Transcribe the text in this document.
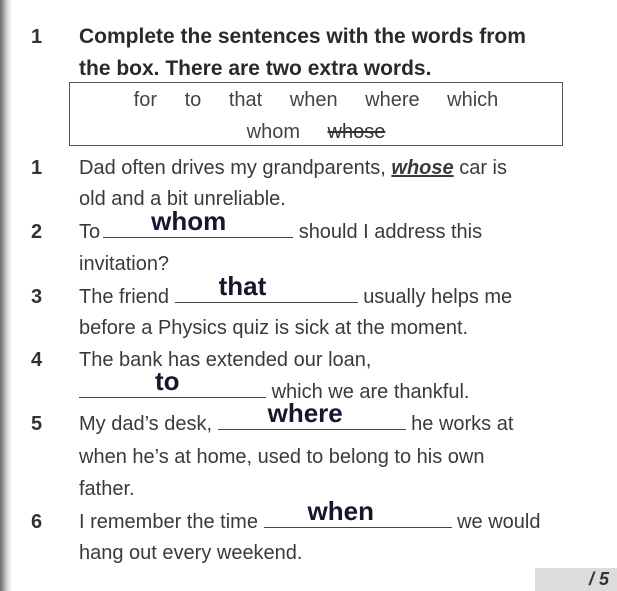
1 Complete the sentences with the words from
the box. There are two extra words.
for to that when where which
whom whose
1 Dad often drives my grandparents, whose car is
old and a bit unreliable.
2 To whom	should I address this
invitation?
3 The friend that	usually helps me
before a Physics quiz is sick at the moment.
4 The bank has extended our loan,
to	which we are thankful.
5 My dad’s desk, where	he works at
when he’s at home, used to belong to his own
father.
6 I remember the time when	we would
hang out every weekend.
/ 5
